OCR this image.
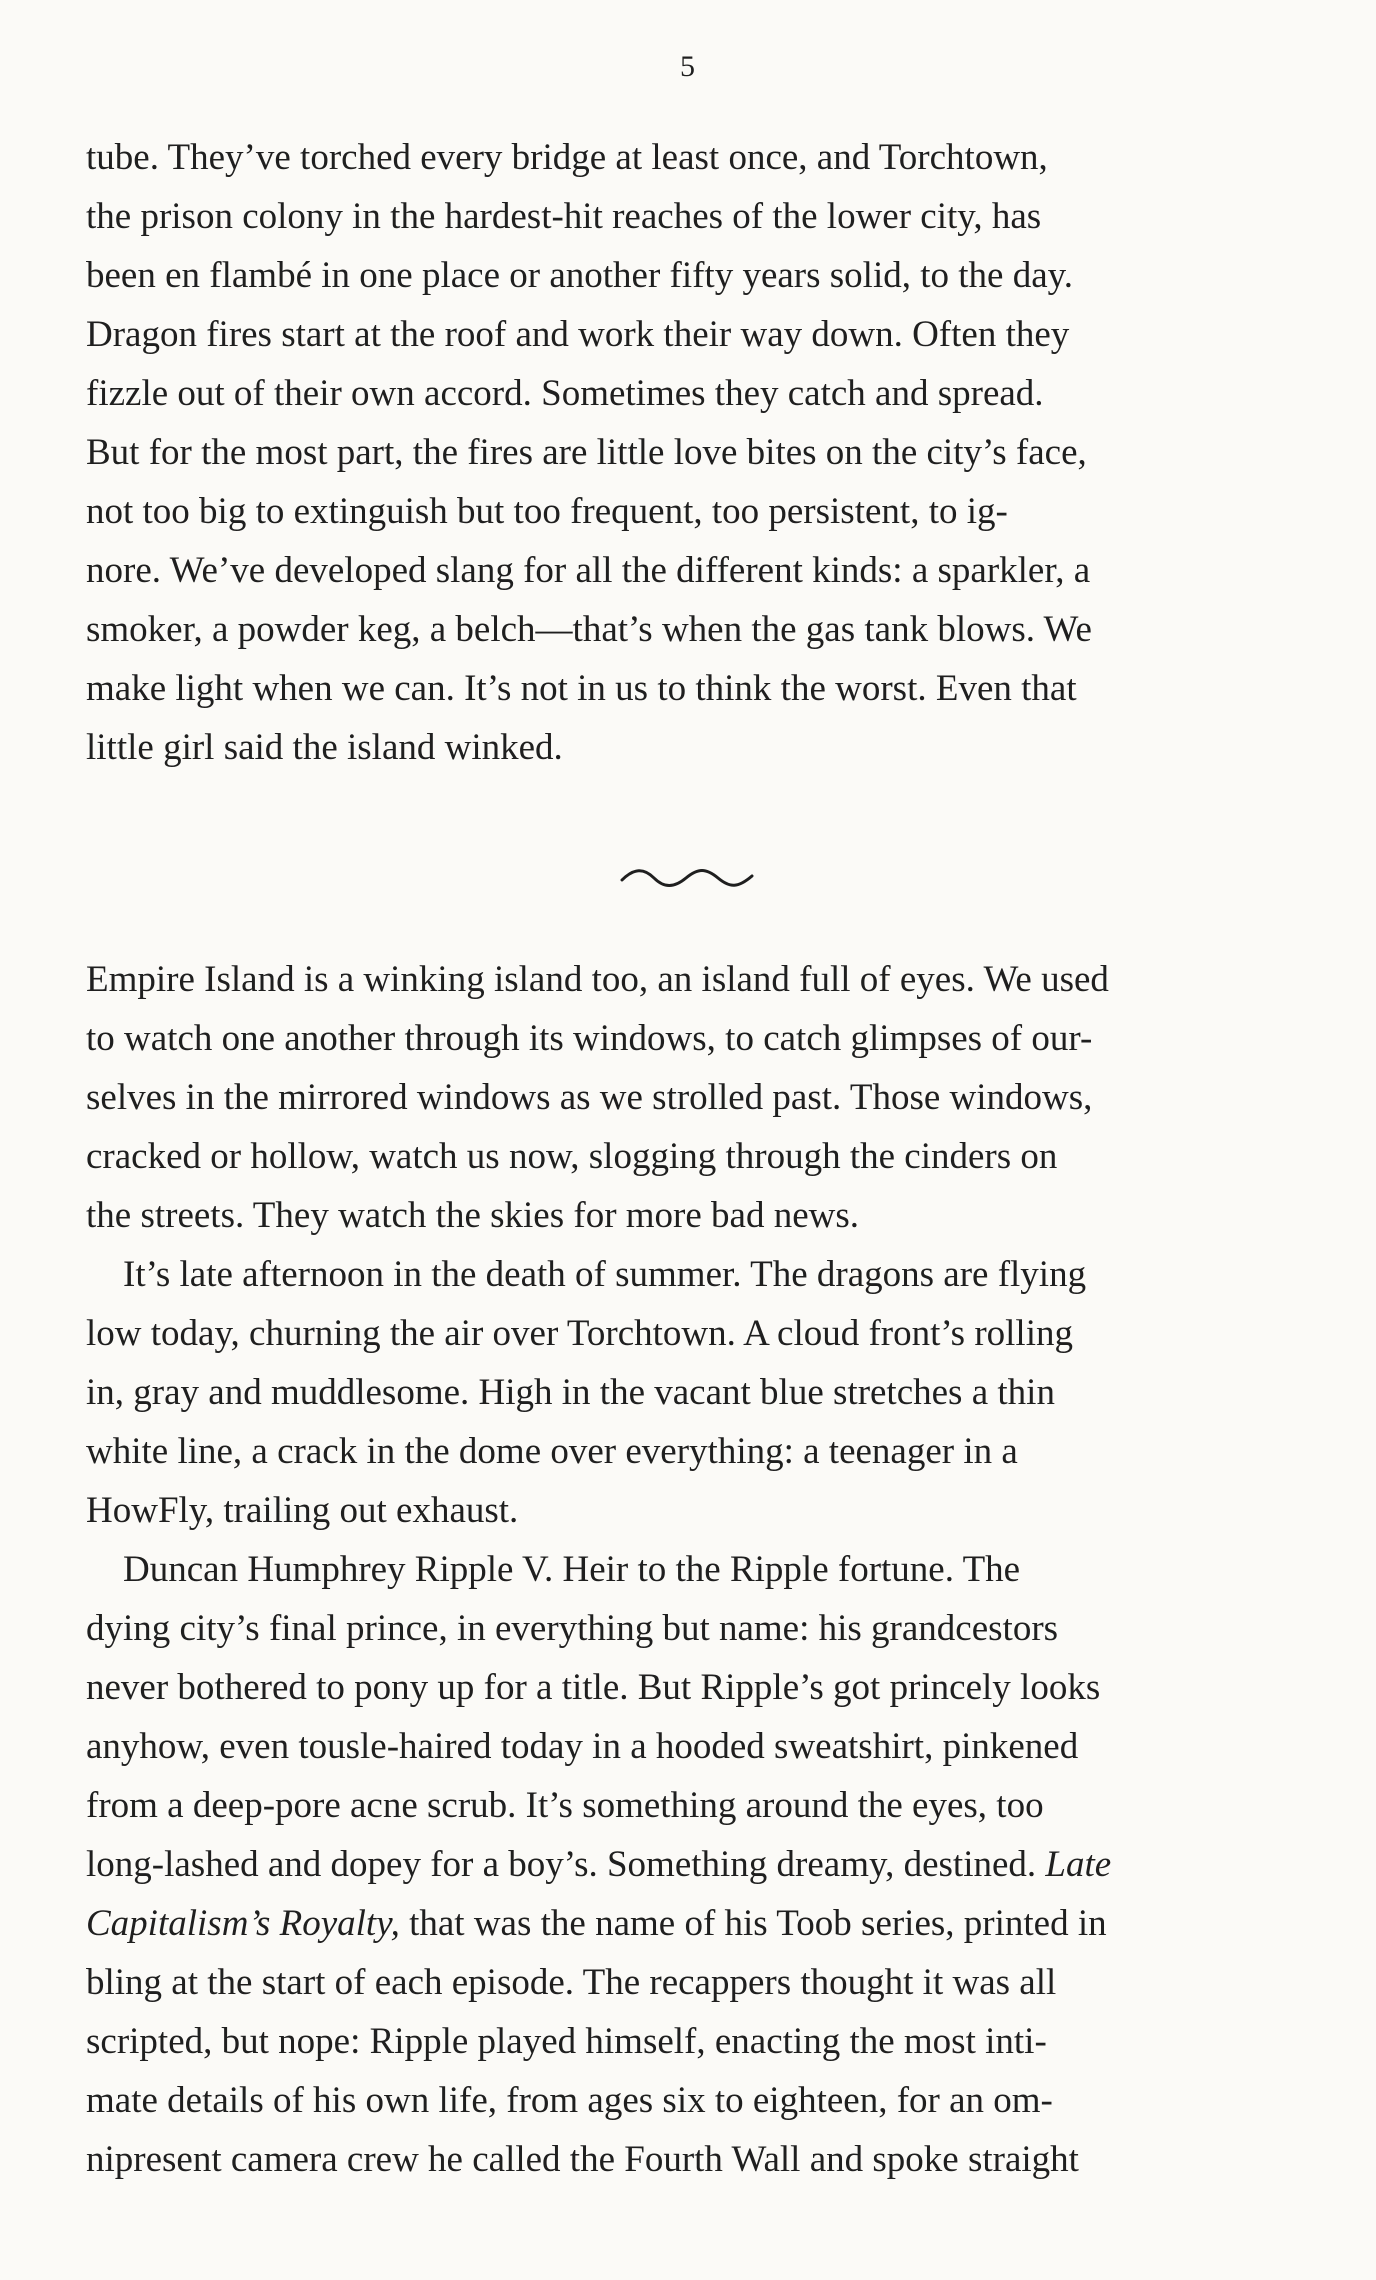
5
tube. They’ve torched every bridge at least once, and Torchtown,
the prison colony in the hardest-hit reaches of the lower city, has
been en flambé in one place or another fifty years solid, to the day.
Dragon fires start at the roof and work their way down. Often they
fizzle out of their own accord. Sometimes they catch and spread.
But for the most part, the fires are little love bites on the city’s face,
not too big to extinguish but too frequent, too persistent, to ig-
nore. We’ve developed slang for all the different kinds: a sparkler, a
smoker, a powder keg, a belch—that’s when the gas tank blows. We
make light when we can. It’s not in us to think the worst. Even that
little girl said the island winked.
Empire Island is a winking island too, an island full of eyes. We used
to watch one another through its windows, to catch glimpses of our-
selves in the mirrored windows as we strolled past. Those windows,
cracked or hollow, watch us now, slogging through the cinders on
the streets. They watch the skies for more bad news.
It’s late afternoon in the death of summer. The dragons are flying
low today, churning the air over Torchtown. A cloud front’s rolling
in, gray and muddlesome. High in the vacant blue stretches a thin
white line, a crack in the dome over everything: a teenager in a
HowFly, trailing out exhaust.
Duncan Humphrey Ripple V. Heir to the Ripple fortune. The
dying city’s final prince, in everything but name: his grandcestors
never bothered to pony up for a title. But Ripple’s got princely looks
anyhow, even tousle-haired today in a hooded sweatshirt, pinkened
from a deep-pore acne scrub. It’s something around the eyes, too
long-lashed and dopey for a boy’s. Something dreamy, destined. Late
Capitalism’s Royalty, that was the name of his Toob series, printed in
bling at the start of each episode. The recappers thought it was all
scripted, but nope: Ripple played himself, enacting the most inti-
mate details of his own life, from ages six to eighteen, for an om-
nipresent camera crew he called the Fourth Wall and spoke straight
